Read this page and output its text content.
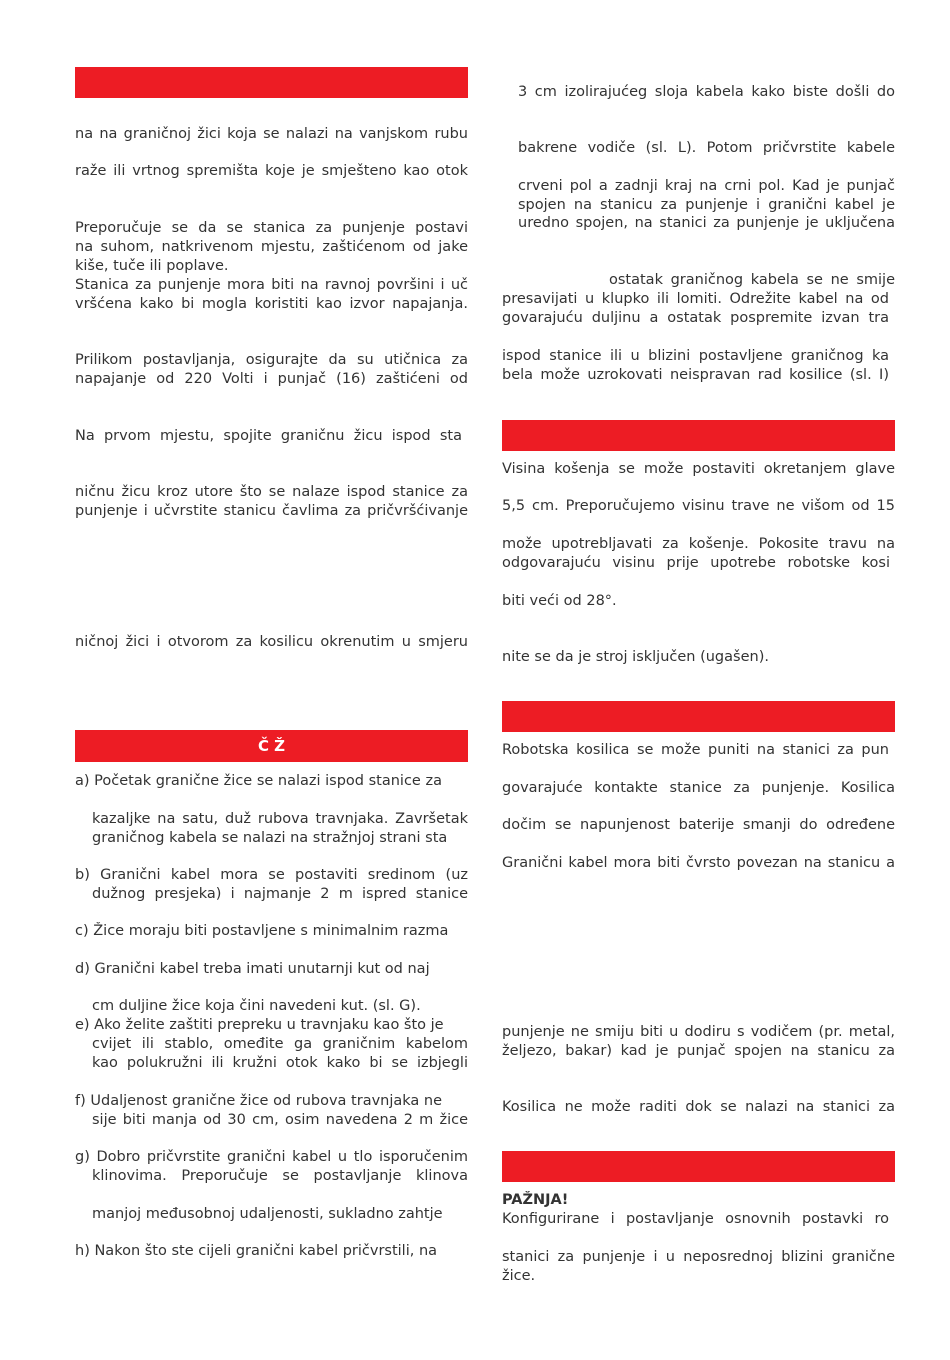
na na graničnoj žici koja se nalazi na vanjskom rubu
raže ili vrtnog spremišta koje je smješteno kao otok
Preporučuje se da se stanica za punjenje postavi
na suhom, natkrivenom mjestu, zaštićenom od jake
kiše, tuče ili poplave.
Stanica za punjenje mora biti na ravnoj površini i uč
vršćena kako bi mogla koristiti kao izvor napajanja.
Prilikom postavljanja, osigurajte da su utičnica za
napajanje od 220 Volti i punjač (16) zaštićeni od
Na prvom mjestu, spojite graničnu žicu ispod sta
ničnu žicu kroz utore što se nalaze ispod stanice za
punjenje i učvrstite stanicu čavlima za pričvršćivanje
ničnoj žici i otvorom za kosilicu okrenutim u smjeru
Č Ž
a) Početak granične žice se nalazi ispod stanice za
kazaljke na satu, duž rubova travnjaka. Završetak
graničnog kabela se nalazi na stražnjoj strani sta
b) Granični kabel mora se postaviti sredinom (uz
dužnog presjeka) i najmanje 2 m ispred stanice
c) Žice moraju biti postavljene s minimalnim razma
d) Granični kabel treba imati unutarnji kut od naj
cm duljine žice koja čini navedeni kut. (sl. G).
e) Ako želite zaštiti prepreku u travnjaku kao što je
cvijet ili stablo, omeđite ga graničnim kabelom
kao polukružni ili kružni otok kako bi se izbjegli
f) Udaljenost granične žice od rubova travnjaka ne
sije biti manja od 30 cm, osim navedena 2 m žice
g) Dobro pričvrstite granični kabel u tlo isporučenim
klinovima. Preporučuje se postavljanje klinova
manjoj međusobnoj udaljenosti, sukladno zahtje
h) Nakon što ste cijeli granični kabel pričvrstili, na
3 cm izolirajućeg sloja kabela kako biste došli do
bakrene vodiče (sl. L). Potom pričvrstite kabele
crveni pol a zadnji kraj na crni pol. Kad je punjač
spojen na stanicu za punjenje i granični kabel je
uredno spojen, na stanici za punjenje je uključena
ostatak graničnog kabela se ne smije
presavijati u klupko ili lomiti. Odrežite kabel na od
govarajuću duljinu a ostatak pospremite izvan tra
ispod stanice ili u blizini postavljene graničnog ka
bela može uzrokovati neispravan rad kosilice (sl. I)
Visina košenja se može postaviti okretanjem glave
5,5 cm. Preporučujemo visinu trave ne višom od 15
može upotrebljavati za košenje. Pokosite travu na
odgovarajuću visinu prije upotrebe robotske kosi
biti veći od 28°.
nite se da je stroj isključen (ugašen).
Robotska kosilica se može puniti na stanici za pun
govarajuće kontakte stanice za punjenje. Kosilica
dočim se napunjenost baterije smanji do određene
Granični kabel mora biti čvrsto povezan na stanicu a
punjenje ne smiju biti u dodiru s vodičem (pr. metal,
željezo, bakar) kad je punjač spojen na stanicu za
Kosilica ne može raditi dok se nalazi na stanici za
PAŽNJA!
Konfigurirane i postavljanje osnovnih postavki ro
stanici za punjenje i u neposrednoj blizini granične
žice.
